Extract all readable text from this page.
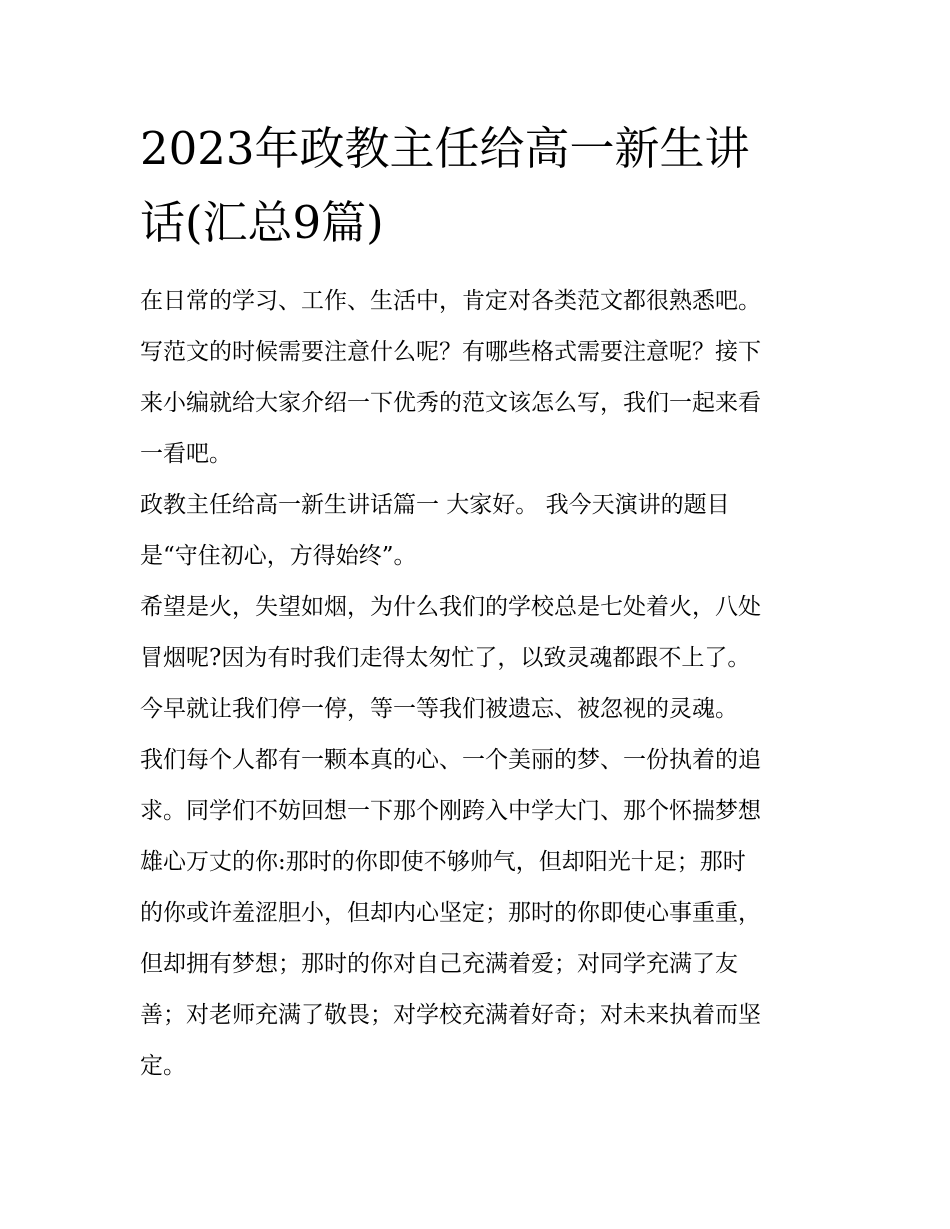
2023年政教主任给高一新生讲
话(汇总9篇)
在日常的学习、工作、生活中，肯定对各类范文都很熟悉吧。
写范文的时候需要注意什么呢？有哪些格式需要注意呢？接下
来小编就给大家介绍一下优秀的范文该怎么写，我们一起来看
一看吧。
政教主任给高一新生讲话篇一 大家好。 我今天演讲的题目
是“守住初心，方得始终”。
希望是火，失望如烟，为什么我们的学校总是七处着火，八处
冒烟呢?因为有时我们走得太匆忙了，以致灵魂都跟不上了。
今早就让我们停一停，等一等我们被遗忘、被忽视的灵魂。
我们每个人都有一颗本真的心、一个美丽的梦、一份执着的追
求。同学们不妨回想一下那个刚跨入中学大门、那个怀揣梦想
雄心万丈的你:那时的你即使不够帅气，但却阳光十足；那时
的你或许羞涩胆小，但却内心坚定；那时的你即使心事重重，
但却拥有梦想；那时的你对自己充满着爱；对同学充满了友
善；对老师充满了敬畏；对学校充满着好奇；对未来执着而坚
定。
